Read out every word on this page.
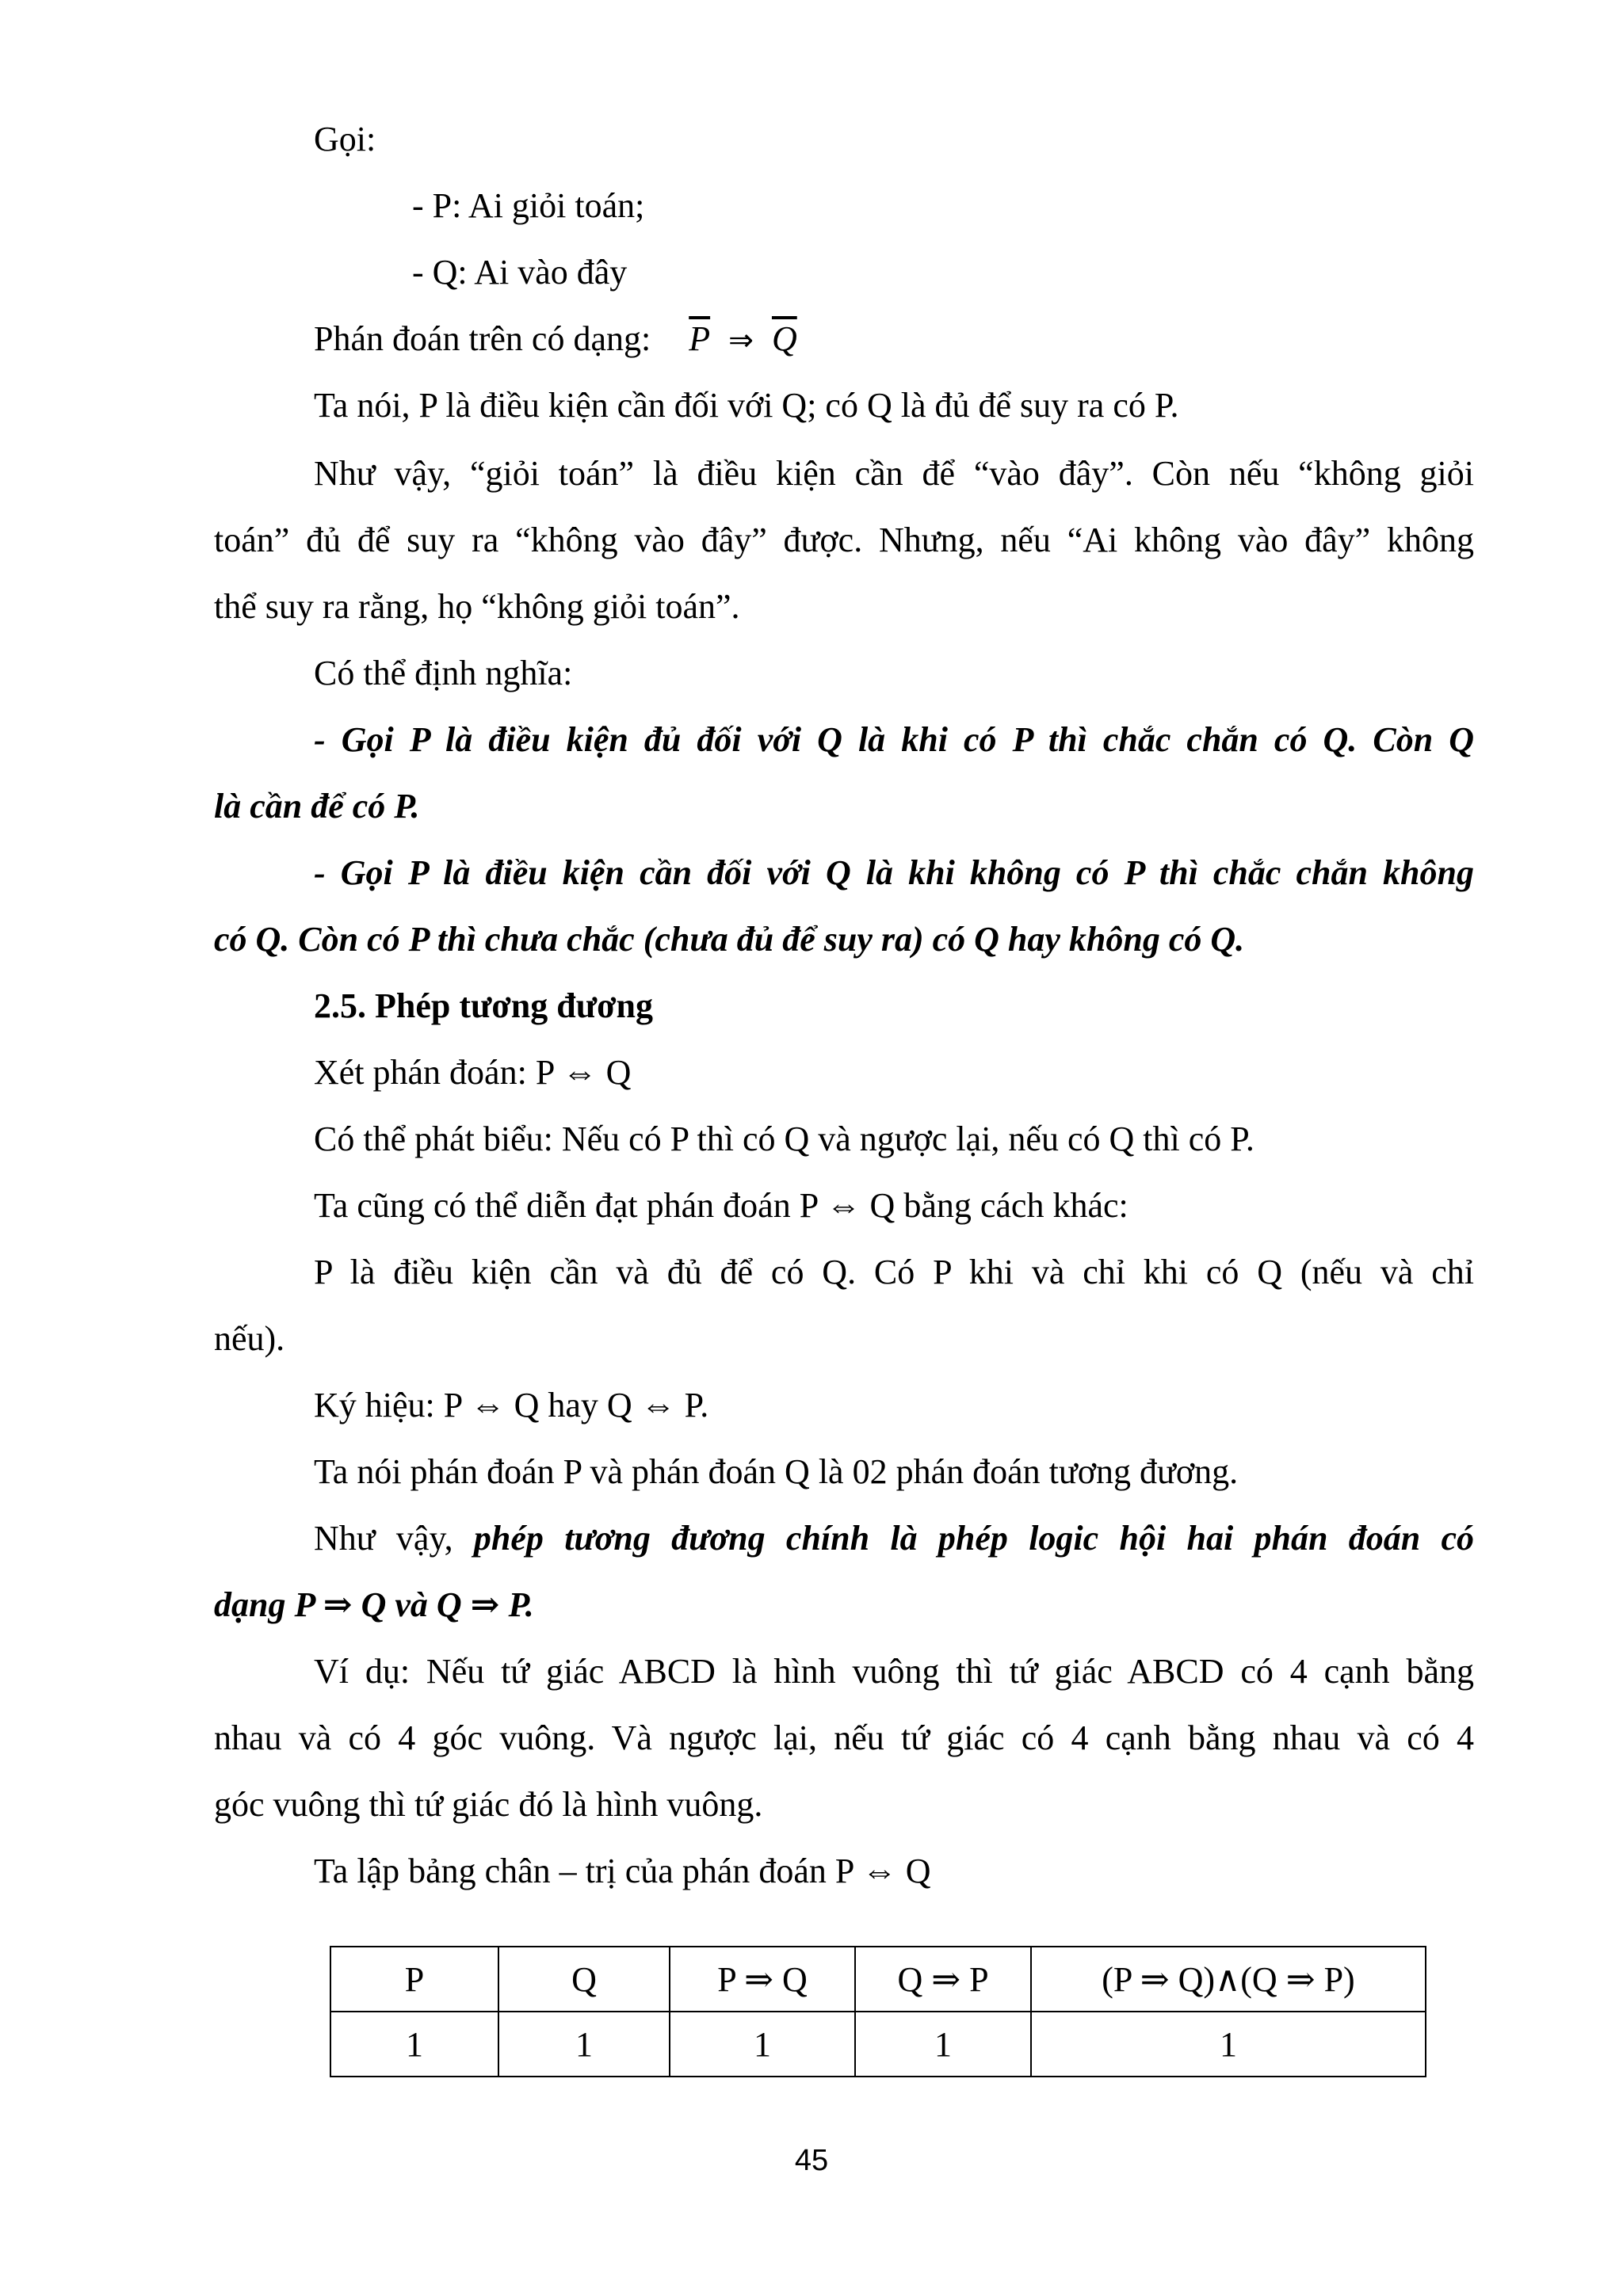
Gọi:
- P: Ai giỏi toán;
- Q: Ai vào đây
Phán đoán trên có dạng: $\overline{P}$ ⇒ $\overline{Q}$
Ta nói, P là điều kiện cần đối với Q; có Q là đủ để suy ra có P.
Như vậy, “giỏi toán” là điều kiện cần để “vào đây”. Còn nếu “không giỏi
toán” đủ để suy ra “không vào đây” được. Nhưng, nếu “Ai không vào đây” không
thể suy ra rằng, họ “không giỏi toán”.
Có thể định nghĩa:
- Gọi P là điều kiện đủ đối với Q là khi có P thì chắc chắn có Q. Còn Q
là cần để có P.
- Gọi P là điều kiện cần đối với Q là khi không có P thì chắc chắn không
có Q. Còn có P thì chưa chắc (chưa đủ để suy ra) có Q hay không có Q.
2.5. Phép tương đương
Xét phán đoán: P ⇔ Q
Có thể phát biểu: Nếu có P thì có Q và ngược lại, nếu có Q thì có P.
Ta cũng có thể diễn đạt phán đoán P ⇔ Q bằng cách khác:
P là điều kiện cần và đủ để có Q. Có P khi và chỉ khi có Q (nếu và chỉ
nếu).
Ký hiệu: P ⇔ Q hay Q ⇔ P.
Ta nói phán đoán P và phán đoán Q là 02 phán đoán tương đương.
Như vậy, phép tương đương chính là phép logic hội hai phán đoán có
dạng P ⇒ Q và Q ⇒ P.
Ví dụ: Nếu tứ giác ABCD là hình vuông thì tứ giác ABCD có 4 cạnh bằng
nhau và có 4 góc vuông. Và ngược lại, nếu tứ giác có 4 cạnh bằng nhau và có 4
góc vuông thì tứ giác đó là hình vuông.
Ta lập bảng chân – trị của phán đoán P ⇔ Q
P	Q	P ⇒ Q	Q ⇒ P	(P ⇒ Q)∧(Q ⇒ P)
1	1	1	1	1
45
